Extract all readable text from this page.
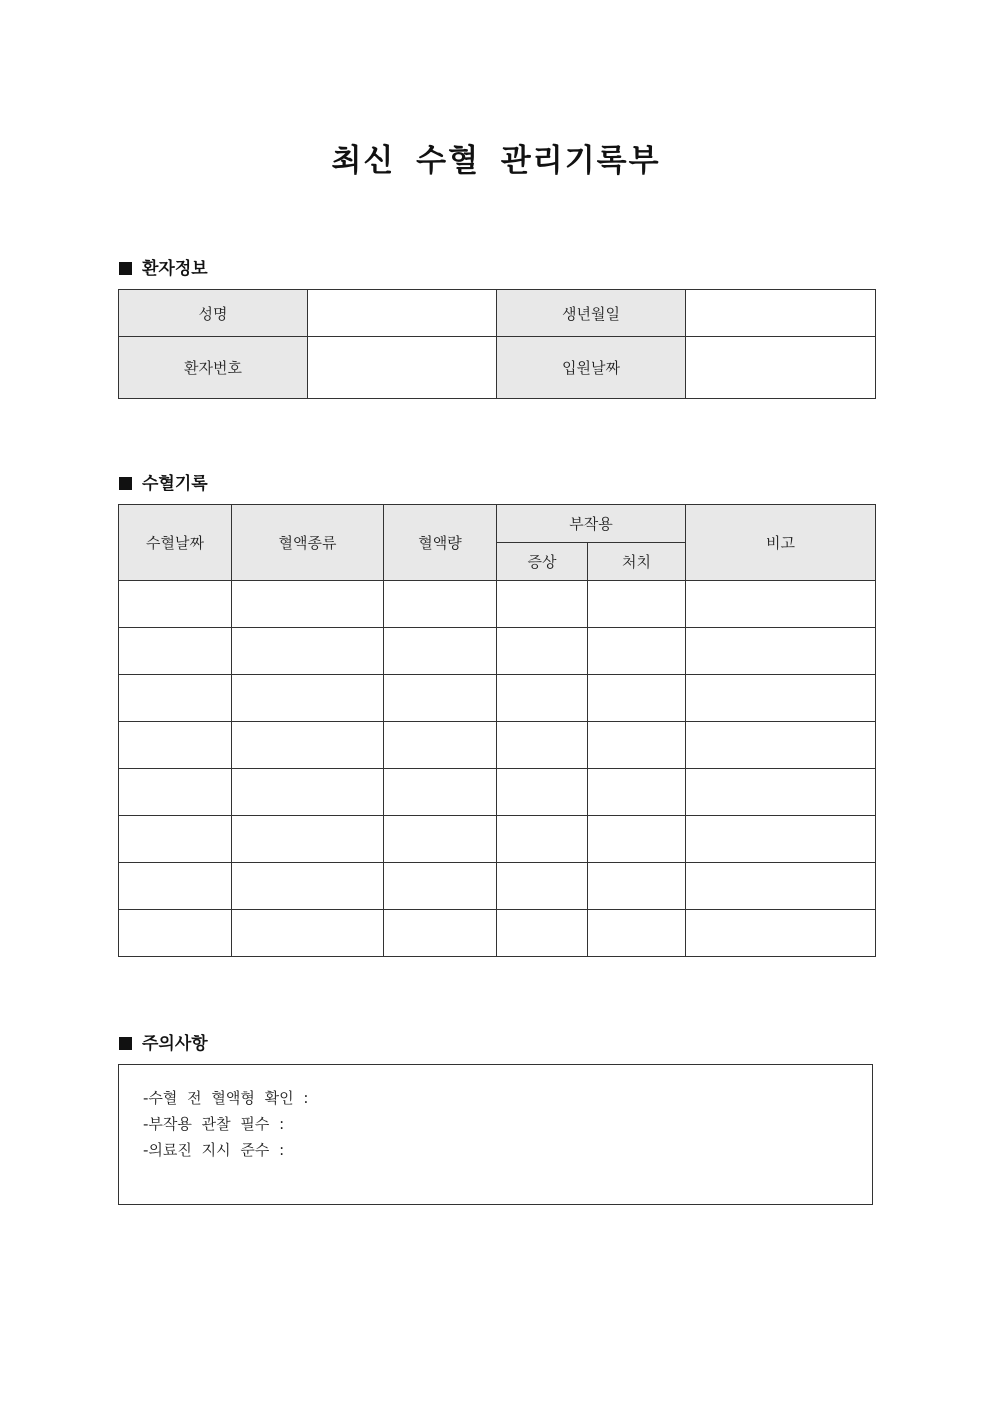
최신 수혈 관리기록부
환자정보
성명		생년월일	
환자번호		입원날짜	
수혈기록
수혈날짜	혈액종류	혈액량	부작용		비고
			증상	처치	

주의사항
-수혈 전 혈액형 확인 :
-부작용 관찰 필수 :
-의료진 지시 준수 :
